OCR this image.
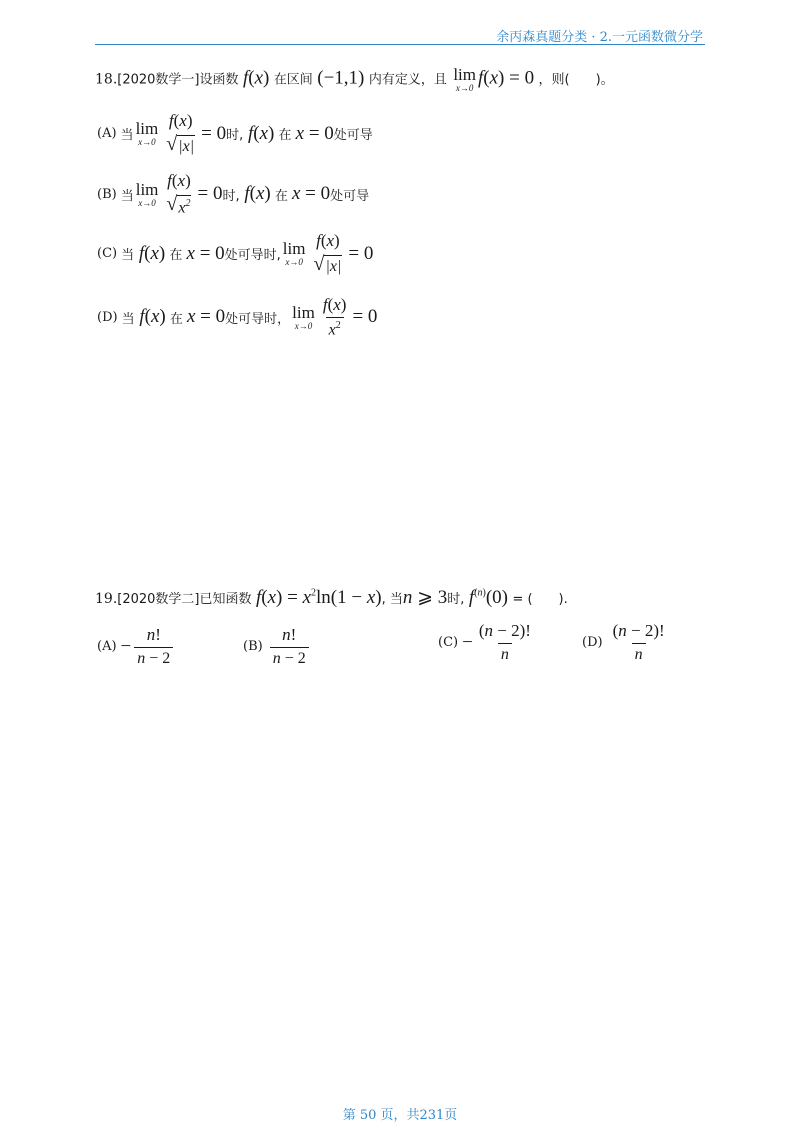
余丙森真题分类 · 2.一元函数微分学
18.[2020数学一]设函数 f(x) 在区间 (−1,1) 内有定义，且 lim
x→0 f(x) = 0 ，则(　　)。
(A) 当 lim
x→0
f(x)
√ |x|
= 0 时, f(x) 在 x = 0 处可导
(B) 当 lim
x→0
f(x)
√ $x^2 = 0$ 时, f(x) 在 x = 0 处可导
(C) 当 f(x) 在 x = 0 处可导时, lim
x→0
f(x)
√ |x|
= 0
(D) 当 f(x) 在 x = 0 处可导时， lim
$x\to 0 \frac{f(x)}{x^2} = 0$
19.[2020数学二]已知函数 $f(x) = x^2\ln(1 - x)$, 当n ⩾ 3时, $f^{(n)}(0)$ = (　　).
$(A) - \frac{n!}{n - 2}$	$(B) \frac{n!}{n - 2}$	$(C) - \frac{(n - 2)!}{n}$	$(D) \frac{(n - 2)!}{n}$
第 50 页，共231页
